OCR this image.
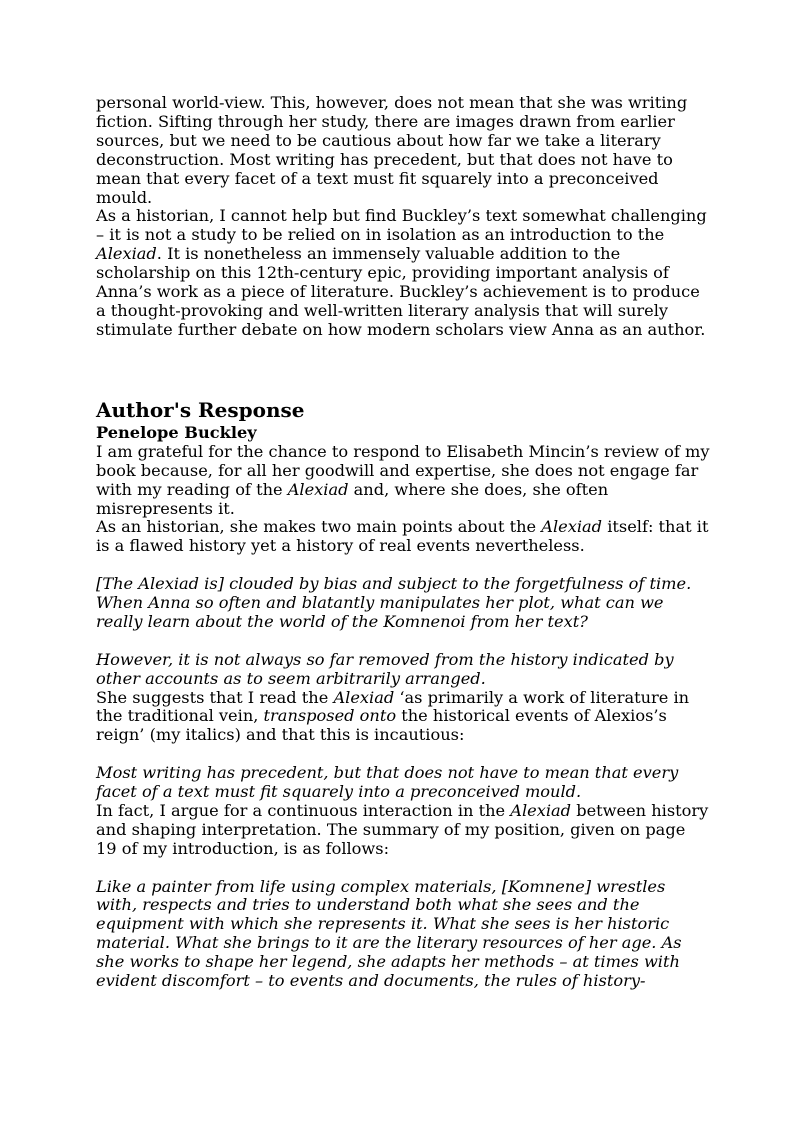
personal world-view. This, however, does not mean that she was writing fiction. Sifting through her study, there are images drawn from earlier sources, but we need to be cautious about how far we take a literary deconstruction. Most writing has precedent, but that does not have to mean that every facet of a text must fit squarely into a preconceived mould.

As a historian, I cannot help but find Buckley’s text somewhat challenging – it is not a study to be relied on in isolation as an introduction to the Alexiad. It is nonetheless an immensely valuable addition to the scholarship on this 12th-century epic, providing important analysis of Anna’s work as a piece of literature. Buckley’s achievement is to produce a thought-provoking and well-written literary analysis that will surely stimulate further debate on how modern scholars view Anna as an author.

Author's Response
Penelope Buckley

I am grateful for the chance to respond to Elisabeth Mincin’s review of my book because, for all her goodwill and expertise, she does not engage far with my reading of the Alexiad and, where she does, she often misrepresents it.

As an historian, she makes two main points about the Alexiad itself: that it is a flawed history yet a history of real events nevertheless.

[The Alexiad is] clouded by bias and subject to the forgetfulness of time. When Anna so often and blatantly manipulates her plot, what can we really learn about the world of the Komnenoi from her text?

However, it is not always so far removed from the history indicated by other accounts as to seem arbitrarily arranged.

She suggests that I read the Alexiad ‘as primarily a work of literature in the traditional vein, transposed onto the historical events of Alexios’s reign’ (my italics) and that this is incautious:

Most writing has precedent, but that does not have to mean that every facet of a text must fit squarely into a preconceived mould.

In fact, I argue for a continuous interaction in the Alexiad between history and shaping interpretation. The summary of my position, given on page 19 of my introduction, is as follows:

Like a painter from life using complex materials, [Komnene] wrestles with, respects and tries to understand both what she sees and the equipment with which she represents it. What she sees is her historic material. What she brings to it are the literary resources of her age. As she works to shape her legend, she adapts her methods – at times with evident discomfort – to events and documents, the rules of history-
